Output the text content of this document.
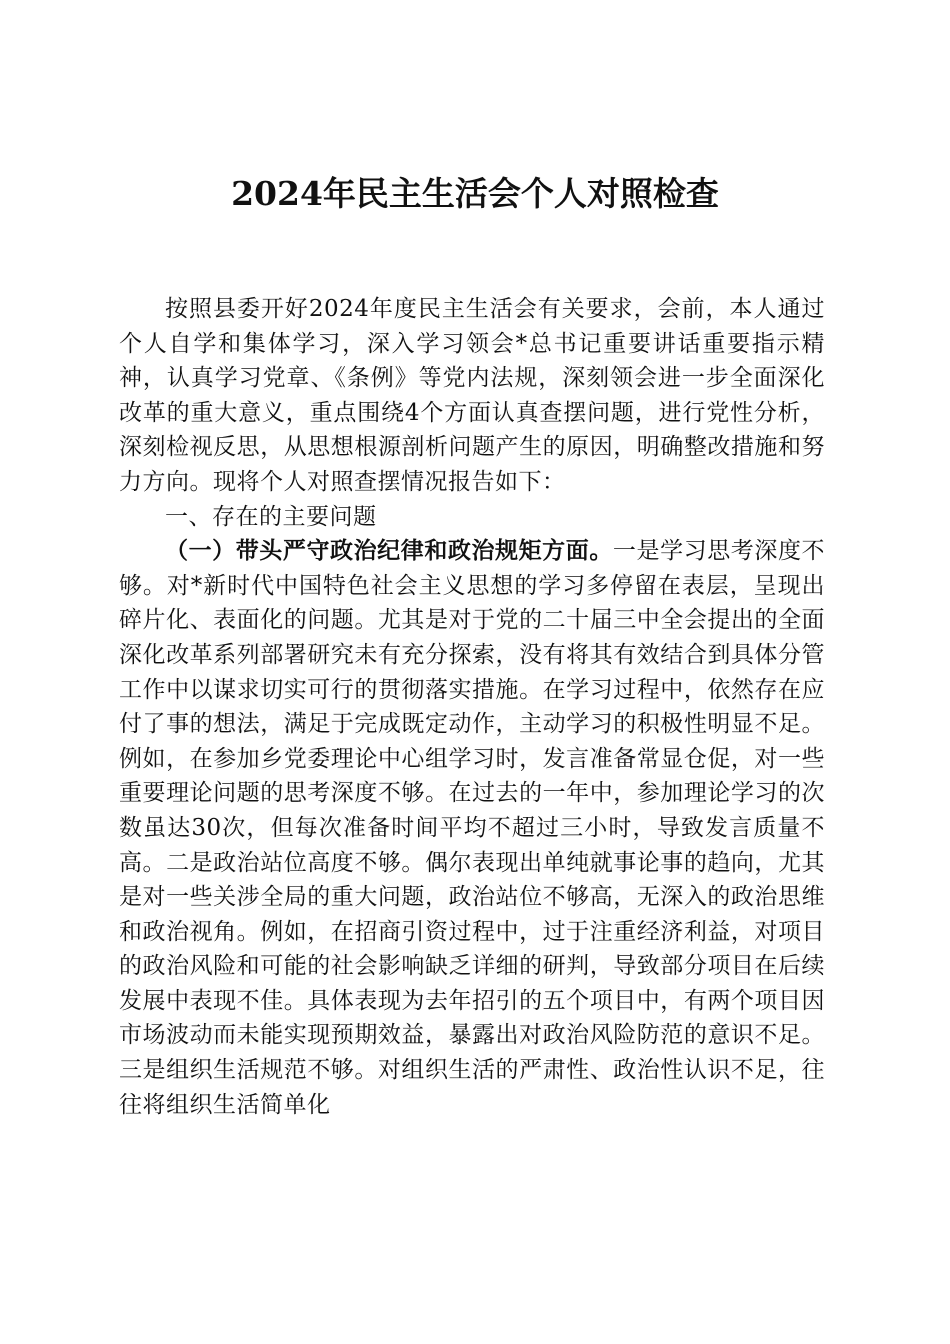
2024年民主生活会个人对照检查

按照县委开好2024年度民主生活会有关要求，会前，本人通过个人自学和集体学习，深入学习领会*总书记重要讲话重要指示精神，认真学习党章、《条例》等党内法规，深刻领会进一步全面深化改革的重大意义，重点围绕4个方面认真查摆问题，进行党性分析，深刻检视反思，从思想根源剖析问题产生的原因，明确整改措施和努力方向。现将个人对照查摆情况报告如下：

一、存在的主要问题

（一）带头严守政治纪律和政治规矩方面。一是学习思考深度不够。对*新时代中国特色社会主义思想的学习多停留在表层，呈现出碎片化、表面化的问题。尤其是对于党的二十届三中全会提出的全面深化改革系列部署研究未有充分探索，没有将其有效结合到具体分管工作中以谋求切实可行的贯彻落实措施。在学习过程中，依然存在应付了事的想法，满足于完成既定动作，主动学习的积极性明显不足。例如，在参加乡党委理论中心组学习时，发言准备常显仓促，对一些重要理论问题的思考深度不够。在过去的一年中，参加理论学习的次数虽达30次，但每次准备时间平均不超过三小时，导致发言质量不高。二是政治站位高度不够。偶尔表现出单纯就事论事的趋向，尤其是对一些关涉全局的重大问题，政治站位不够高，无深入的政治思维和政治视角。例如，在招商引资过程中，过于注重经济利益，对项目的政治风险和可能的社会影响缺乏详细的研判，导致部分项目在后续发展中表现不佳。具体表现为去年招引的五个项目中，有两个项目因市场波动而未能实现预期效益，暴露出对政治风险防范的意识不足。三是组织生活规范不够。对组织生活的严肃性、政治性认识不足，往往将组织生活简单化
